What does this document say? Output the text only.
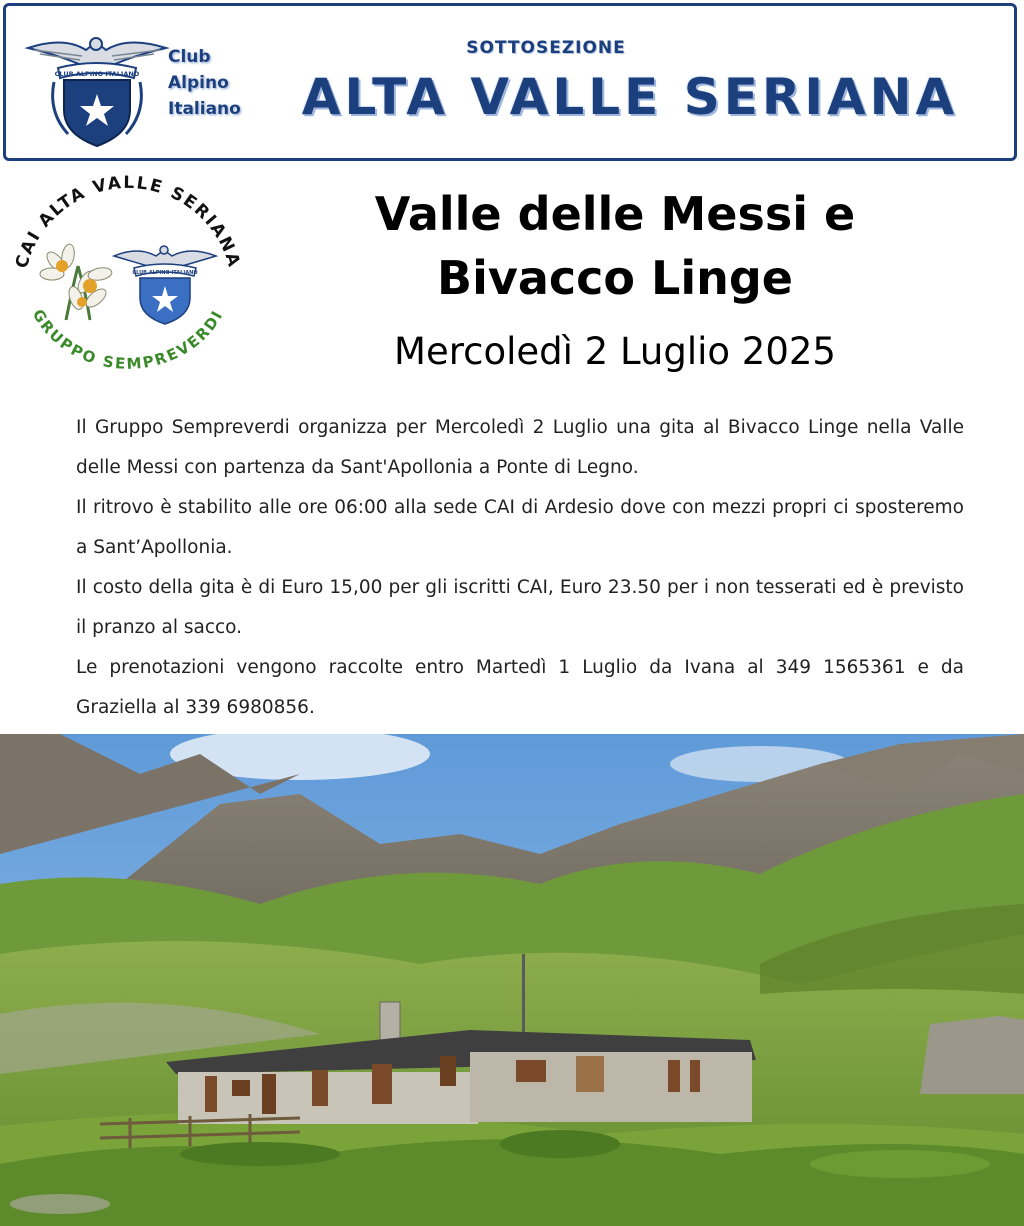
CLUB ALPINO ITALIANO
Club
Alpino
Italiano
SOTTOSEZIONE
ALTA VALLE SERIANA
CAI ALTA VALLE SERIANA
GRUPPO SEMPREVERDI
CLUB ALPINO ITALIANO
Valle delle Messi e
Bivacco Linge
Mercoledì 2 Luglio 2025

Il Gruppo Sempreverdi organizza per Mercoledì 2 Luglio una gita al Bivacco Linge nella Valle delle Messi con partenza da Sant'Apollonia a Ponte di Legno.

Il ritrovo è stabilito alle ore 06:00 alla sede CAI di Ardesio dove con mezzi propri ci sposteremo a Sant’Apollonia.

Il costo della gita è di Euro 15,00 per gli iscritti CAI, Euro 23.50 per i non tesserati ed è previsto il pranzo al sacco.

Le prenotazioni vengono raccolte entro Martedì 1 Luglio da Ivana al 349 1565361 e da Graziella al 339 6980856.
